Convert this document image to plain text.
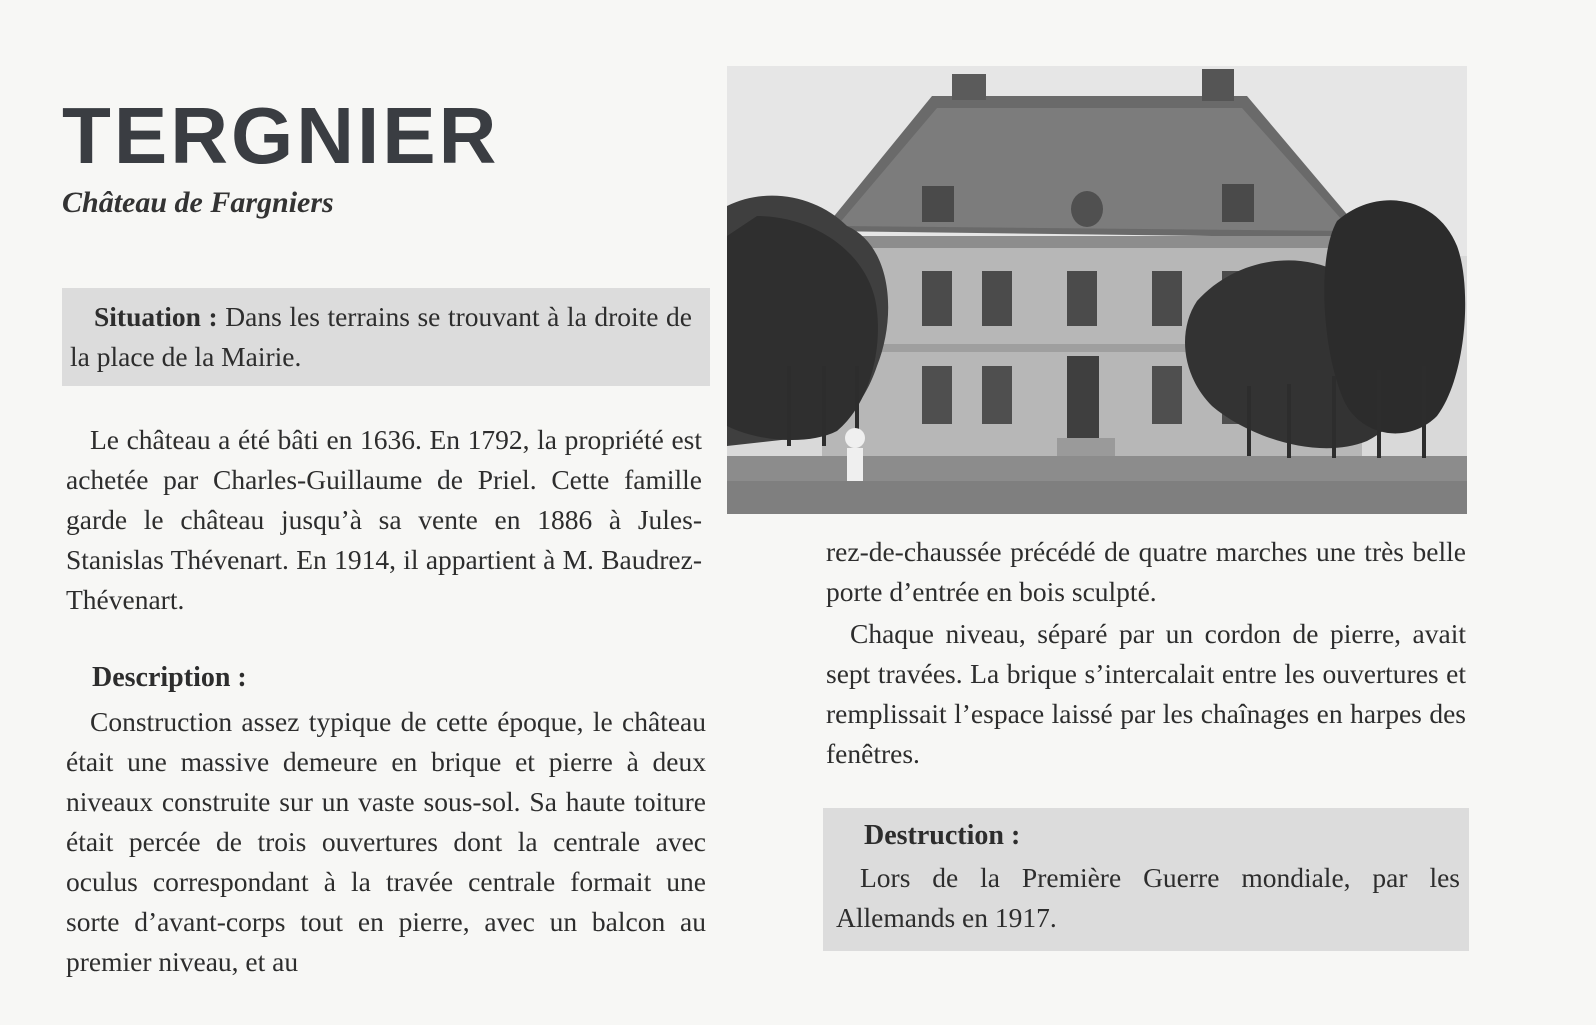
TERGNIER
Château de Fargniers

Situation : Dans les terrains se trouvant à la droite de la place de la Mairie.

Le château a été bâti en 1636. En 1792, la propriété est achetée par Charles-Guillaume de Priel. Cette famille garde le château jusqu’à sa vente en 1886 à Jules-Stanislas Thévenart. En 1914, il appartient à M. Baudrez-Thévenart.

Description :

Construction assez typique de cette époque, le château était une massive demeure en brique et pierre à deux niveaux construite sur un vaste sous-sol. Sa haute toiture était percée de trois ouvertures dont la centrale avec oculus correspondant à la travée centrale formait une sorte d’avant-corps tout en pierre, avec un balcon au premier niveau, et au

rez-de-chaussée précédé de quatre marches une très belle porte d’entrée en bois sculpté.

Chaque niveau, séparé par un cordon de pierre, avait sept travées. La brique s’intercalait entre les ouvertures et remplissait l’espace laissé par les chaînages en harpes des fenêtres.

Destruction :

Lors de la Première Guerre mondiale, par les Allemands en 1917.
